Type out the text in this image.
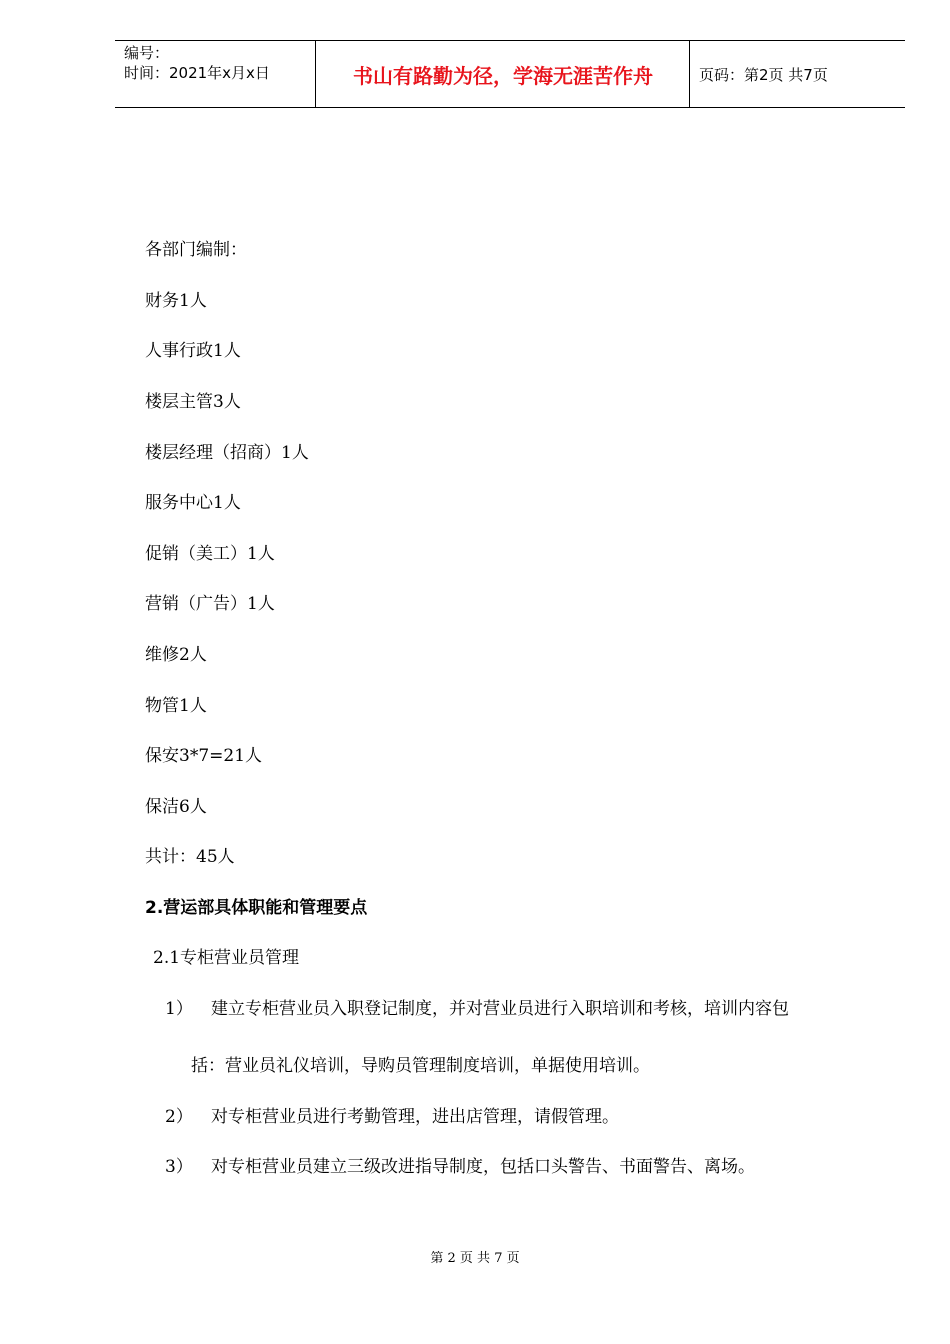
编号：
时间：2021年x月x日	书山有路勤为径，学海无涯苦作舟	页码：第2页 共7页
各部门编制：
财务1人
人事行政1人
楼层主管3人
楼层经理（招商）1人
服务中心1人
促销（美工）1人
营销（广告）1人
维修2人
物管1人
保安3*7=21人
保洁6人
共计：45人
2.营运部具体职能和管理要点
2.1专柜营业员管理
1） 建立专柜营业员入职登记制度，并对营业员进行入职培训和考核，培训内容包
括：营业员礼仪培训，导购员管理制度培训，单据使用培训。
2） 对专柜营业员进行考勤管理，进出店管理，请假管理。
3） 对专柜营业员建立三级改进指导制度，包括口头警告、书面警告、离场。
第 2 页 共 7 页
